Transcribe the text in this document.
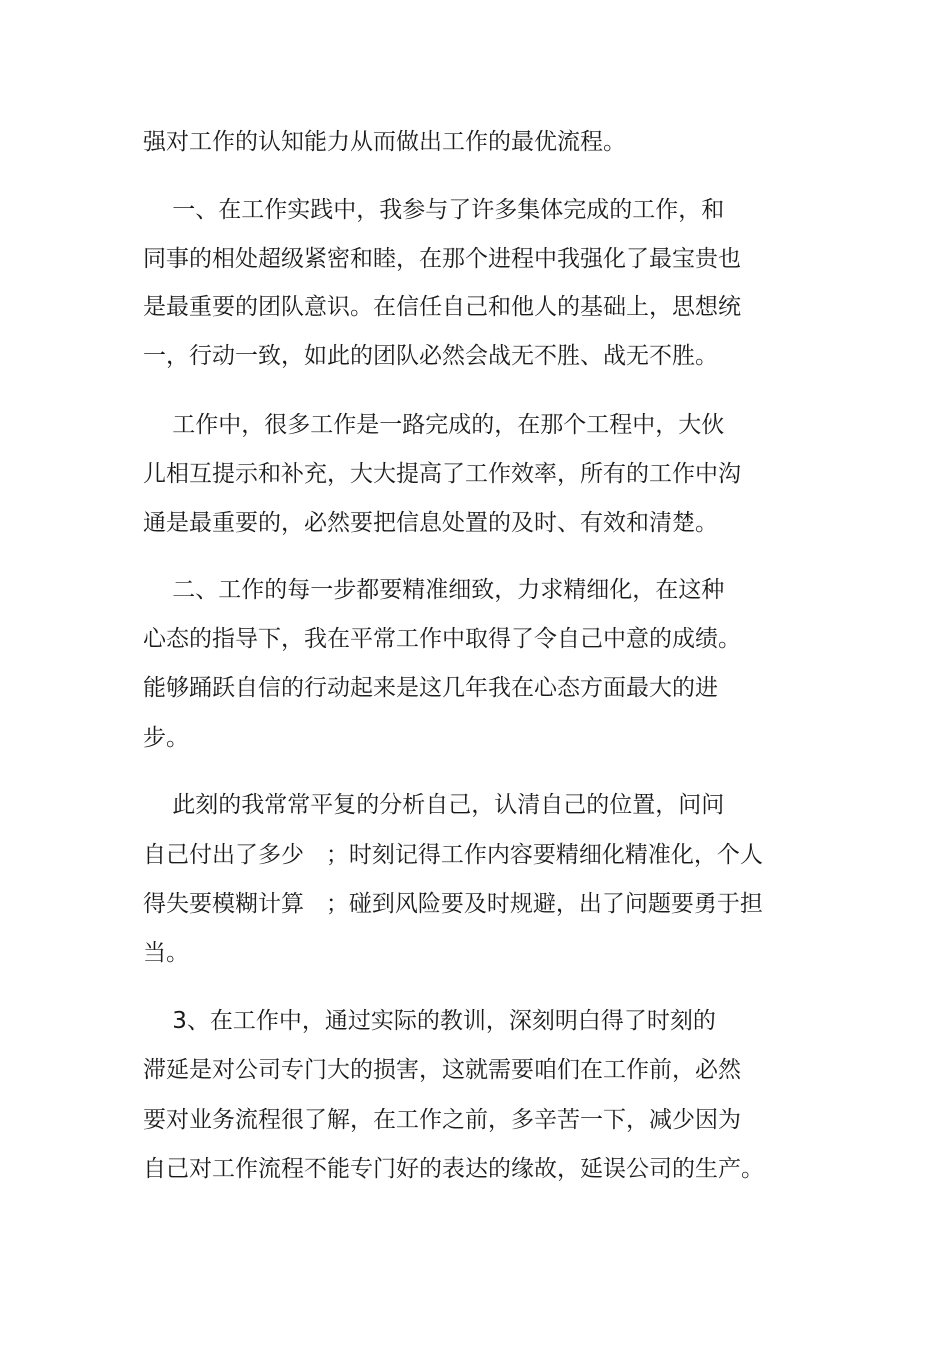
强对工作的认知能力从而做出工作的最优流程。
一、在工作实践中，我参与了许多集体完成的工作，和
同事的相处超级紧密和睦，在那个进程中我强化了最宝贵也
是最重要的团队意识。在信任自己和他人的基础上，思想统
一，行动一致，如此的团队必然会战无不胜、战无不胜。
工作中，很多工作是一路完成的，在那个工程中，大伙
儿相互提示和补充，大大提高了工作效率，所有的工作中沟
通是最重要的，必然要把信息处置的及时、有效和清楚。
二、工作的每一步都要精准细致，力求精细化，在这种
心态的指导下，我在平常工作中取得了令自己中意的成绩。
能够踊跃自信的行动起来是这几年我在心态方面最大的进
步。
此刻的我常常平复的分析自己，认清自己的位置，问问
自己付出了多少   ；时刻记得工作内容要精细化精准化，个人
得失要模糊计算   ；碰到风险要及时规避，出了问题要勇于担
当。
3、在工作中，通过实际的教训，深刻明白得了时刻的
滞延是对公司专门大的损害，这就需要咱们在工作前，必然
要对业务流程很了解，在工作之前，多辛苦一下，减少因为
自己对工作流程不能专门好的表达的缘故，延误公司的生产。
